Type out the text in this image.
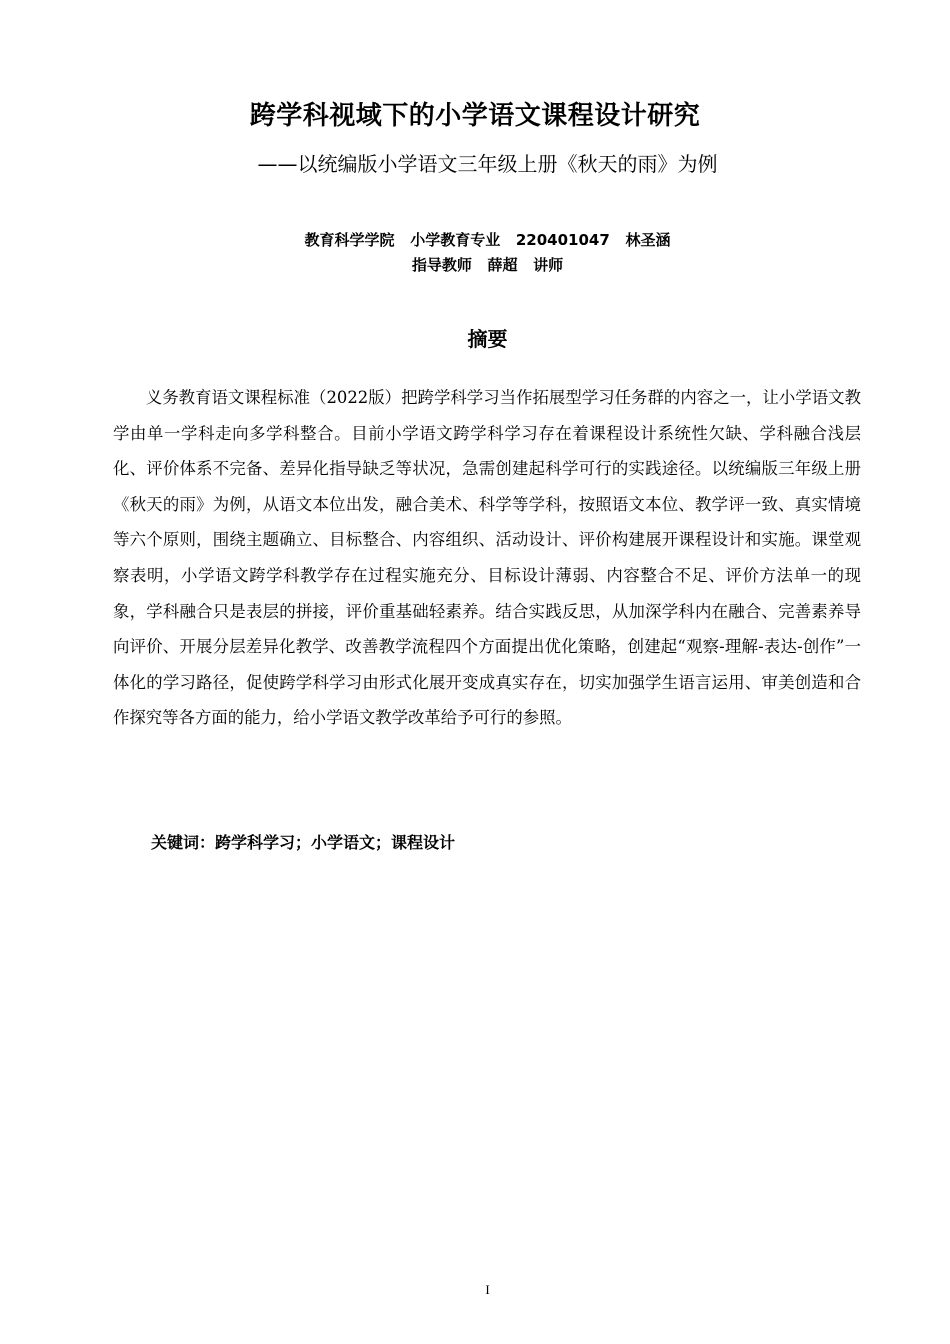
跨学科视域下的小学语文课程设计研究
——以统编版小学语文三年级上册《秋天的雨》为例
教育科学学院   小学教育专业   220401047   林圣涵
指导教师   薛超   讲师
摘要
义务教育语文课程标准（2022版）把跨学科学习当作拓展型学习任务群的内容之一，让小学语文教学由单一学科走向多学科整合。目前小学语文跨学科学习存在着课程设计系统性欠缺、学科融合浅层化、评价体系不完备、差异化指导缺乏等状况，急需创建起科学可行的实践途径。以统编版三年级上册《秋天的雨》为例，从语文本位出发，融合美术、科学等学科，按照语文本位、教学评一致、真实情境等六个原则，围绕主题确立、目标整合、内容组织、活动设计、评价构建展开课程设计和实施。课堂观察表明，小学语文跨学科教学存在过程实施充分、目标设计薄弱、内容整合不足、评价方法单一的现象，学科融合只是表层的拼接，评价重基础轻素养。结合实践反思，从加深学科内在融合、完善素养导向评价、开展分层差异化教学、改善教学流程四个方面提出优化策略，创建起“观察-理解-表达-创作”一体化的学习路径，促使跨学科学习由形式化展开变成真实存在，切实加强学生语言运用、审美创造和合作探究等各方面的能力，给小学语文教学改革给予可行的参照。
关键词：跨学科学习；小学语文；课程设计
I
